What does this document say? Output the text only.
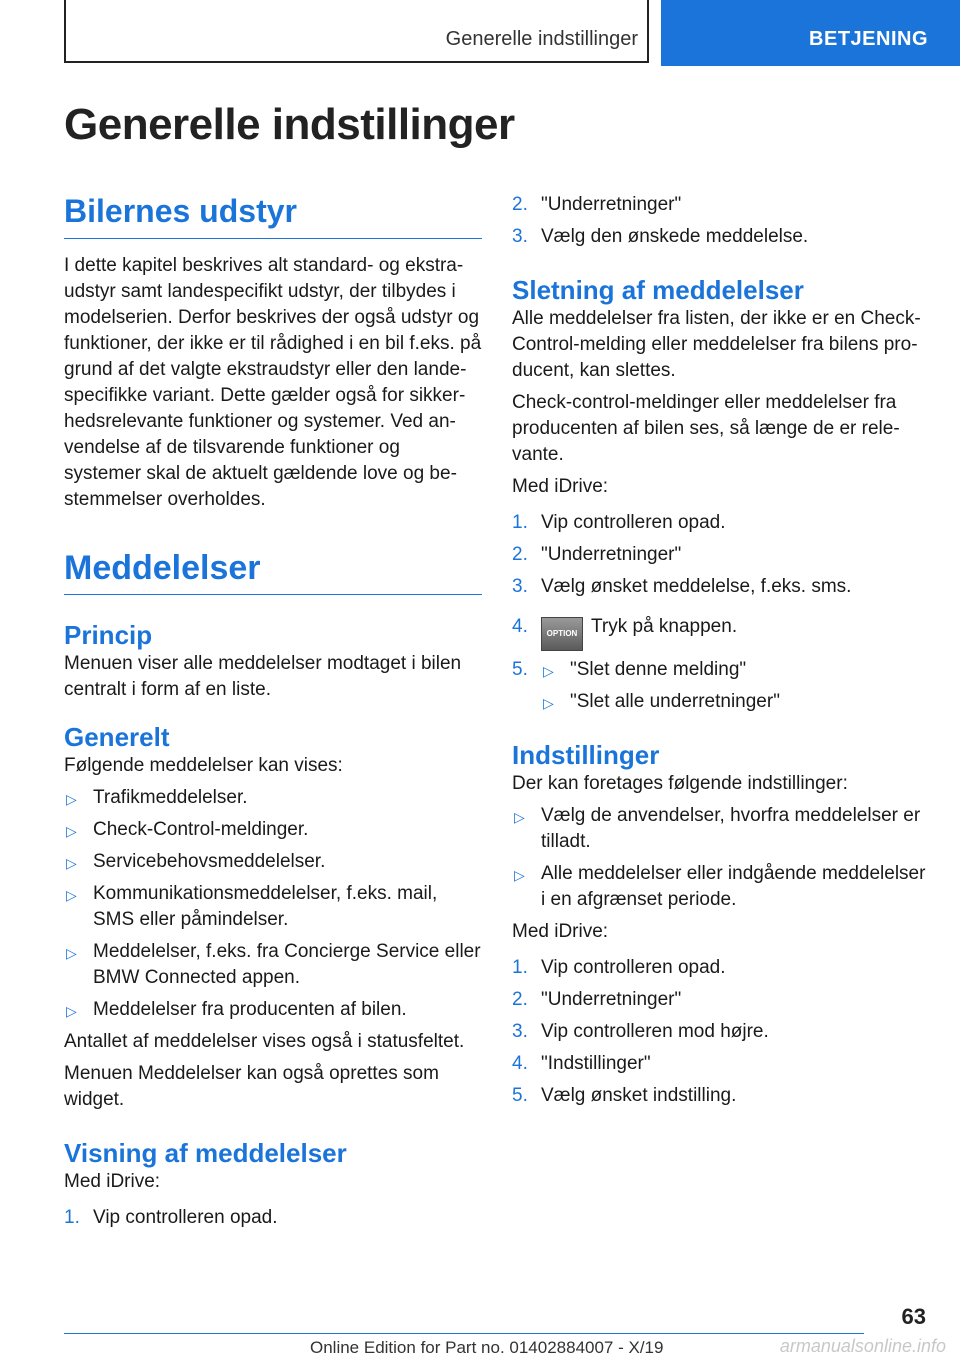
Generelle indstillinger	BETJENING
Generelle indstillinger
Bilernes udstyr

I dette kapitel beskrives alt standard- og ekstraudstyr samt landespecifikt udstyr, der tilbydes i modelserien. Derfor beskrives der også udstyr og funktioner, der ikke er til rådighed i en bil f.eks. på grund af det valgte ekstraudstyr eller den landespecifikke variant. Dette gælder også for sikkerhedsrelevante funktioner og systemer. Ved anvendelse af de tilsvarende funktioner og systemer skal de aktuelt gældende love og bestemmelser overholdes.

Meddelelser
Princip

Menuen viser alle meddelelser modtaget i bilen centralt i form af en liste.

Generelt

Følgende meddelelser kan vises:

▷ Trafikmeddelelser.
▷ Check-Control-meldinger.
▷ Servicebehovsmeddelelser.
▷ Kommunikationsmeddelelser, f.eks. mail, SMS eller påmindelser.
▷ Meddelelser, f.eks. fra Concierge Service eller BMW Connected appen.
▷ Meddelelser fra producenten af bilen.

Antallet af meddelelser vises også i statusfeltet.

Menuen Meddelelser kan også oprettes som widget.

Visning af meddelelser

Med iDrive:

1. Vip controlleren opad.
2. "Underretninger"
3. Vælg den ønskede meddelelse.
Sletning af meddelelser

Alle meddelelser fra listen, der ikke er en Check-Control-melding eller meddelelser fra bilens producent, kan slettes.

Check-control-meldinger eller meddelelser fra producenten af bilen ses, så længe de er relevante.

Med iDrive:

1. Vip controlleren opad.
2. "Underretninger"
3. Vælg ønsket meddelelse, f.eks. sms.
4. OPTION Tryk på knappen.
5. ▷ "Slet denne melding"
▷ "Slet alle underretninger"
Indstillinger

Der kan foretages følgende indstillinger:

▷ Vælg de anvendelser, hvorfra meddelelser er tilladt.
▷ Alle meddelelser eller indgående meddelelser i en afgrænset periode.

Med iDrive:

1. Vip controlleren opad.
2. "Underretninger"
3. Vip controlleren mod højre.
4. "Indstillinger"
5. Vælg ønsket indstilling.
63
Online Edition for Part no. 01402884007 - X/19	armanualsonline.info
